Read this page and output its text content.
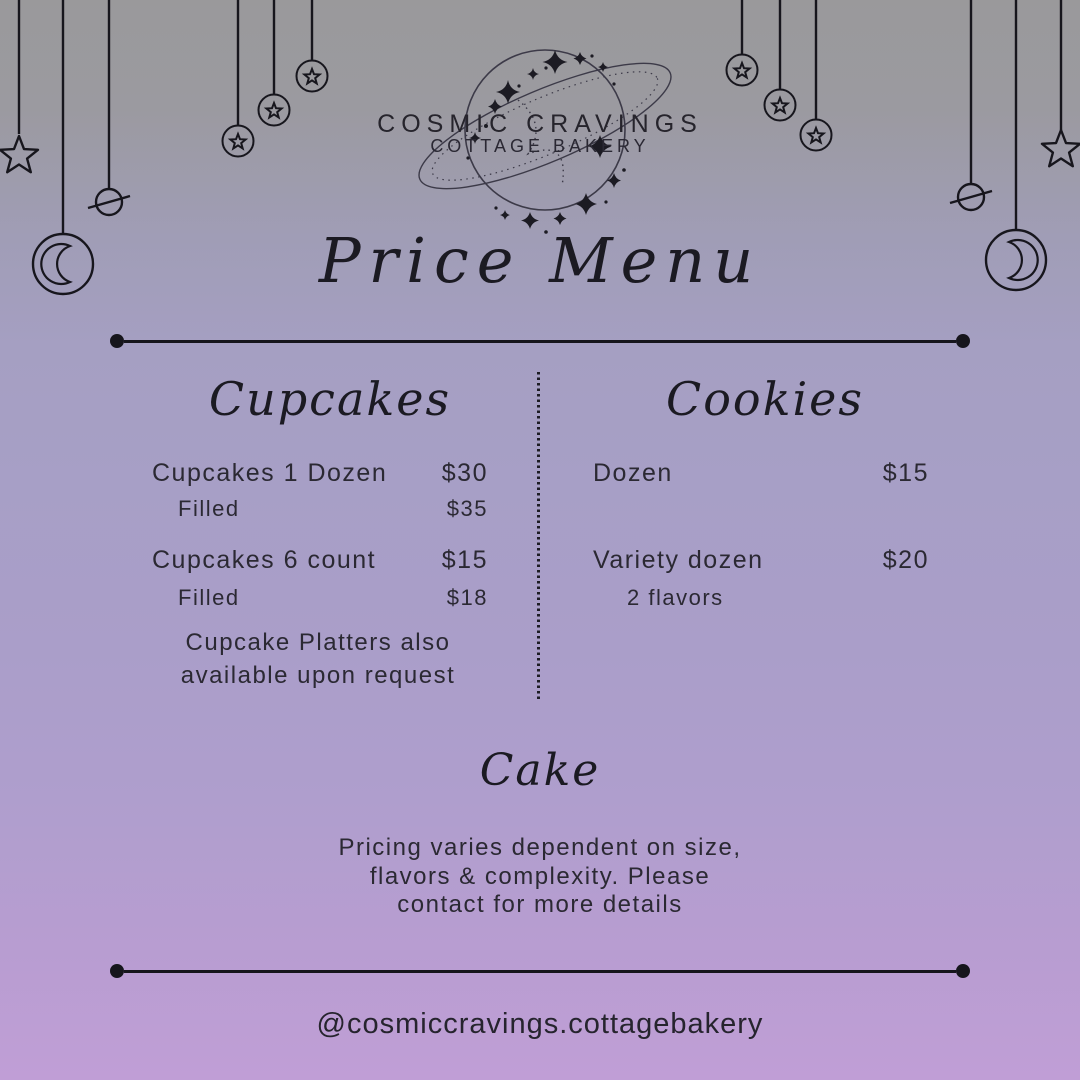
COSMIC CRAVINGS
COTTAGE BAKERY
Price Menu
Cupcakes
Cupcakes 1 Dozen $30
Filled	$35
Cupcakes 6 count	$15
Filled	$18
Cupcake Platters also
available upon request
Cookies
Dozen	$15
Variety dozen	$20
2 flavors
Cake
Pricing varies dependent on size,
flavors & complexity. Please
contact for more details
@cosmiccravings.cottagebakery
